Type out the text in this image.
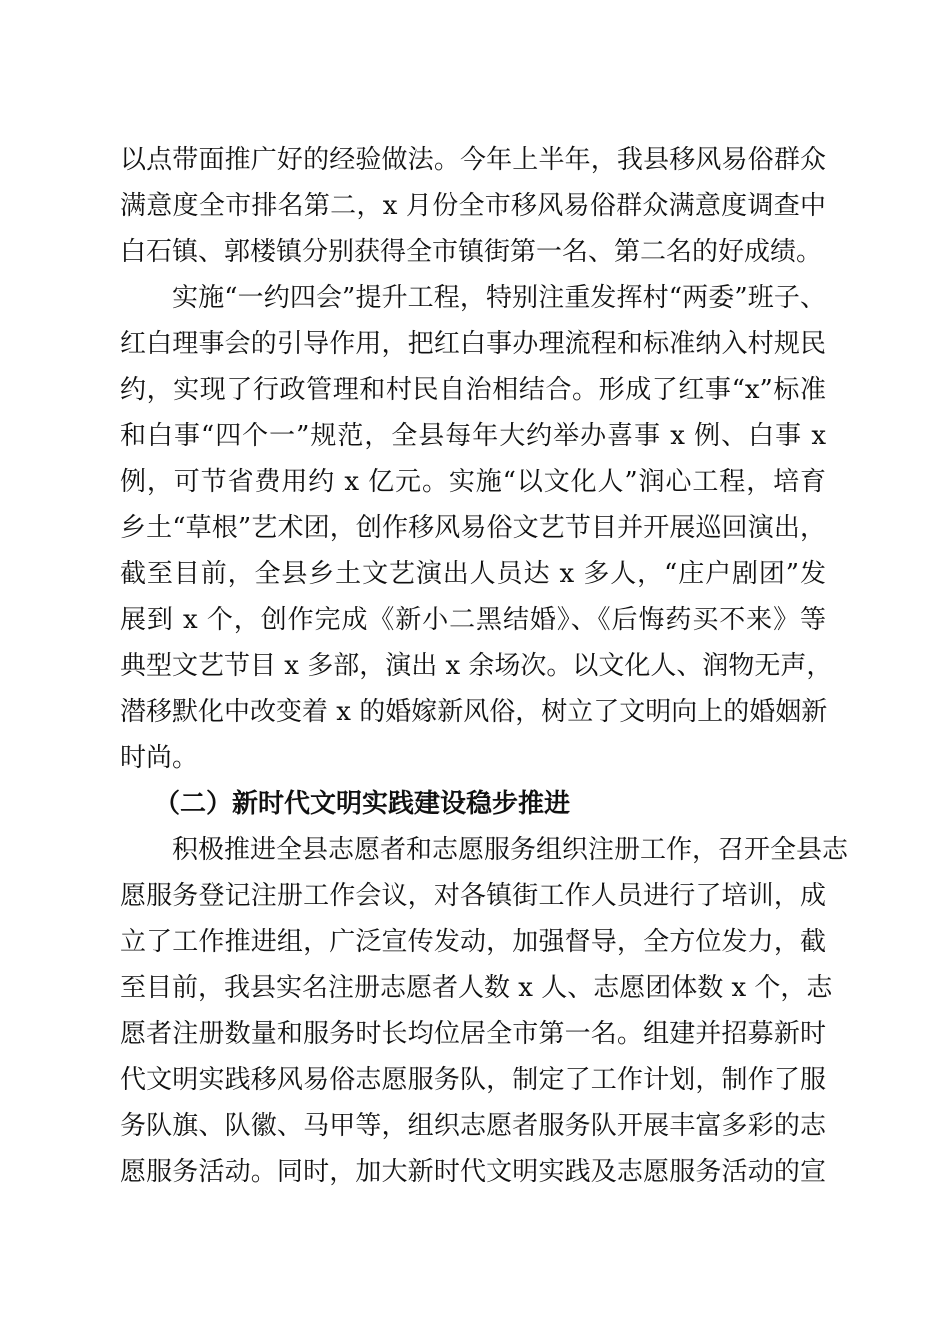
以点带面推广好的经验做法。今年上半年，我县移风易俗群众
满意度全市排名第二，x 月份全市移风易俗群众满意度调查中
白石镇、郭楼镇分别获得全市镇街第一名、第二名的好成绩。
实施“一约四会”提升工程，特别注重发挥村“两委”班子、
红白理事会的引导作用，把红白事办理流程和标准纳入村规民
约，实现了行政管理和村民自治相结合。形成了红事“x”标准
和白事“四个一”规范，全县每年大约举办喜事 x 例、白事 x
例，可节省费用约 x 亿元。实施“以文化人”润心工程，培育
乡土“草根”艺术团，创作移风易俗文艺节目并开展巡回演出，
截至目前，全县乡土文艺演出人员达 x 多人，“庄户剧团”发
展到 x 个，创作完成《新小二黑结婚》、《后悔药买不来》等
典型文艺节目 x 多部，演出 x 余场次。以文化人、润物无声，
潜移默化中改变着 x 的婚嫁新风俗，树立了文明向上的婚姻新
时尚。
（二）新时代文明实践建设稳步推进
积极推进全县志愿者和志愿服务组织注册工作，召开全县志
愿服务登记注册工作会议，对各镇街工作人员进行了培训，成
立了工作推进组，广泛宣传发动，加强督导，全方位发力，截
至目前，我县实名注册志愿者人数 x 人、志愿团体数 x 个，志
愿者注册数量和服务时长均位居全市第一名。组建并招募新时
代文明实践移风易俗志愿服务队，制定了工作计划，制作了服
务队旗、队徽、马甲等，组织志愿者服务队开展丰富多彩的志
愿服务活动。同时，加大新时代文明实践及志愿服务活动的宣
